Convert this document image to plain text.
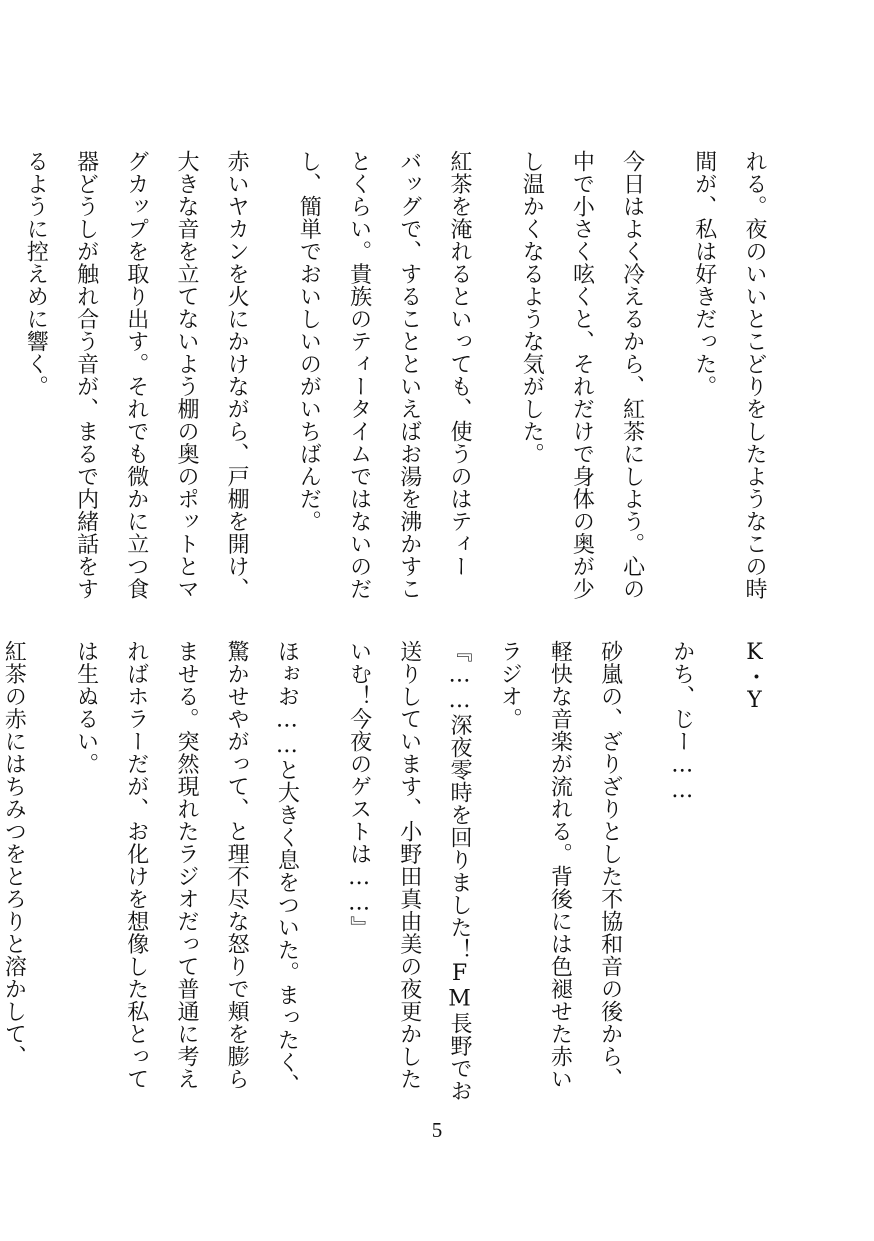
れる。夜のいいとこどりをしたようなこの時
間が、私は好きだった。
今日はよく冷えるから、紅茶にしよう。心の
中で小さく呟くと、それだけで身体の奥が少
し温かくなるような気がした。
紅茶を淹れるといっても、使うのはティー
バッグで、することといえばお湯を沸かすこ
とくらい。貴族のティータイムではないのだ
し、簡単でおいしいのがいちばんだ。
赤いヤカンを火にかけながら、戸棚を開け、
大きな音を立てないよう棚の奥のポットとマ
グカップを取り出す。それでも微かに立つ食
器どうしが触れ合う音が、まるで内緒話をす
るように控えめに響く。
K・Y
かち、じー……
砂嵐の、ざりざりとした不協和音の後から、
軽快な音楽が流れる。背後には色褪せた赤い
ラジオ。
『……深夜零時を回りました！FM長野でお
送りしています、小野田真由美の夜更かした
いむ！今夜のゲストは……』
ほぉお……と大きく息をついた。まったく、
驚かせやがって、と理不尽な怒りで頬を膨ら
ませる。突然現れたラジオだって普通に考え
ればホラーだが、お化けを想像した私とって
は生ぬるい。
紅茶の赤にはちみつをとろりと溶かして、
5
